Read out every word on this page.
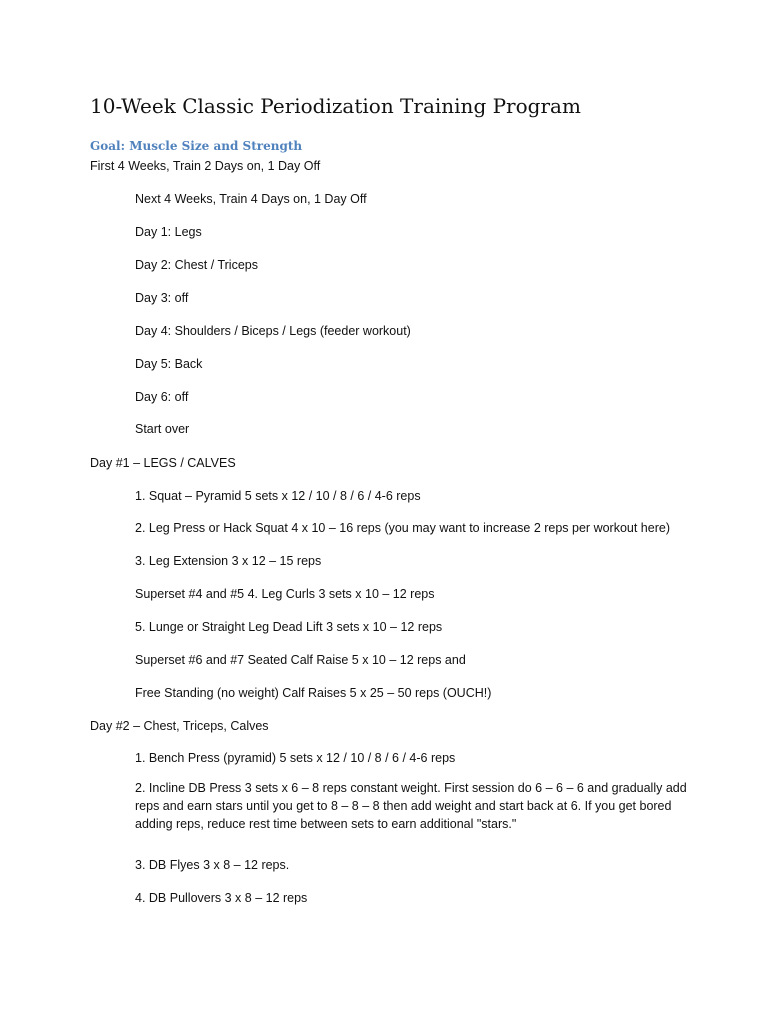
10-Week Classic Periodization Training Program
Goal: Muscle Size and Strength
First 4 Weeks, Train 2 Days on, 1 Day Off
Next 4 Weeks, Train 4 Days on, 1 Day Off
Day 1: Legs
Day 2: Chest / Triceps
Day 3: off
Day 4: Shoulders / Biceps / Legs (feeder workout)
Day 5: Back
Day 6: off
Start over
Day #1 – LEGS / CALVES
1. Squat – Pyramid 5 sets x 12 / 10 / 8 / 6 / 4-6 reps
2. Leg Press or Hack Squat 4 x 10 – 16 reps (you may want to increase 2 reps per workout here)
3. Leg Extension 3 x 12 – 15 reps
Superset #4 and #5 4. Leg Curls 3 sets x 10 – 12 reps
5. Lunge or Straight Leg Dead Lift 3 sets x 10 – 12 reps
Superset #6 and #7 Seated Calf Raise 5 x 10 – 12 reps and
Free Standing (no weight) Calf Raises 5 x 25 – 50 reps (OUCH!)
Day #2 – Chest, Triceps, Calves
1. Bench Press (pyramid) 5 sets x 12 / 10 / 8 / 6 / 4-6 reps
2. Incline DB Press 3 sets x 6 – 8 reps constant weight. First session do 6 – 6 – 6 and gradually add reps and earn stars until you get to 8 – 8 – 8 then add weight and start back at 6. If you get bored adding reps, reduce rest time between sets to earn additional "stars."
3. DB Flyes 3 x 8 – 12 reps.
4. DB Pullovers 3 x 8 – 12 reps
